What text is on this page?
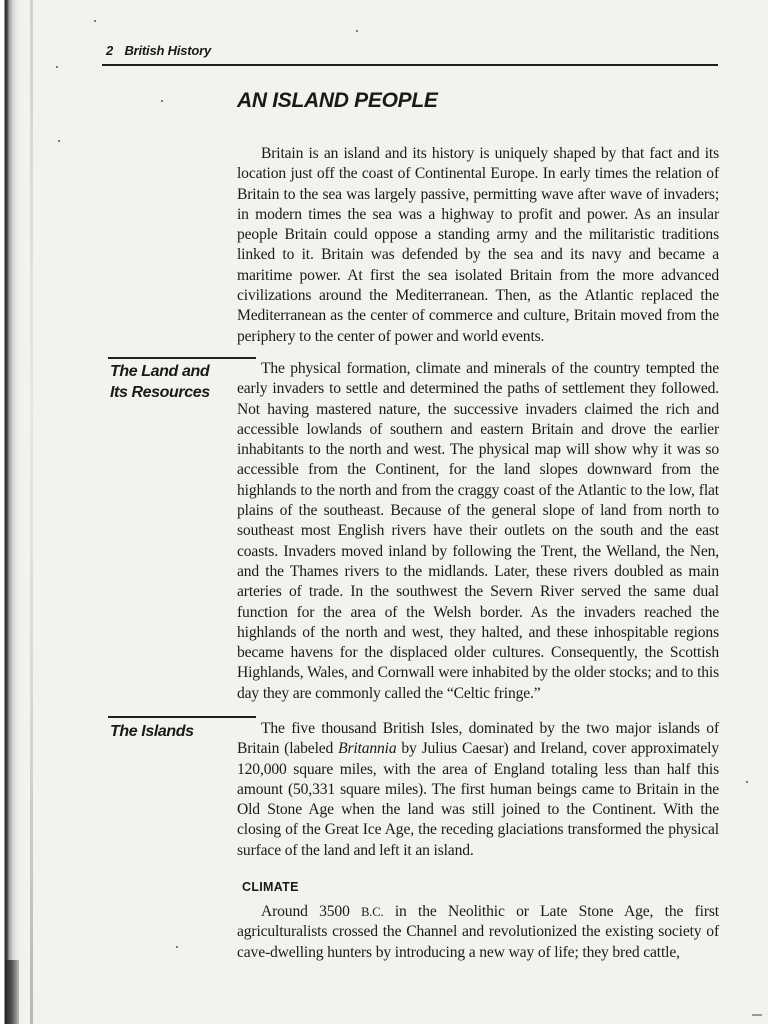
2 British History
AN ISLAND PEOPLE

Britain is an island and its history is uniquely shaped by that fact and its location just off the coast of Continental Europe. In early times the relation of Britain to the sea was largely passive, permitting wave after wave of invaders; in modern times the sea was a highway to profit and power. As an insular people Britain could oppose a standing army and the militaristic traditions linked to it. Britain was defended by the sea and its navy and became a maritime power. At first the sea isolated Britain from the more advanced civilizations around the Mediterranean. Then, as the Atlantic replaced the Mediterranean as the center of commerce and culture, Britain moved from the periphery to the center of power and world events.

The Land and
Its Resources

The physical formation, climate and minerals of the country tempted the early invaders to settle and determined the paths of settlement they followed. Not having mastered nature, the successive invaders claimed the rich and accessible lowlands of southern and eastern Britain and drove the earlier inhabitants to the north and west. The physical map will show why it was so accessible from the Continent, for the land slopes downward from the highlands to the north and from the craggy coast of the Atlantic to the low, flat plains of the southeast. Because of the general slope of land from north to southeast most English rivers have their outlets on the south and the east coasts. Invaders moved inland by following the Trent, the Welland, the Nen, and the Thames rivers to the midlands. Later, these rivers doubled as main arteries of trade. In the southwest the Severn River served the same dual function for the area of the Welsh border. As the invaders reached the highlands of the north and west, they halted, and these inhospitable regions became havens for the displaced older cultures. Consequently, the Scottish Highlands, Wales, and Cornwall were inhabited by the older stocks; and to this day they are commonly called the “Celtic fringe.”

The Islands	The five thousand British Isles, dominated by the two major islands of Britain (labeled Britannia by Julius Caesar) and Ireland, cover approximately 120,000 square miles, with the area of England totaling less than half this amount (50,331 square miles). The first human beings came to Britain in the Old Stone Age when the land was still joined to the Continent. With the closing of the Great Ice Age, the receding glaciations transformed the physical surface of the land and left it an island.

CLIMATE

Around 3500 B.C. in the Neolithic or Late Stone Age, the first agriculturalists crossed the Channel and revolutionized the existing society of cave-dwelling hunters by introducing a new way of life; they bred cattle,
